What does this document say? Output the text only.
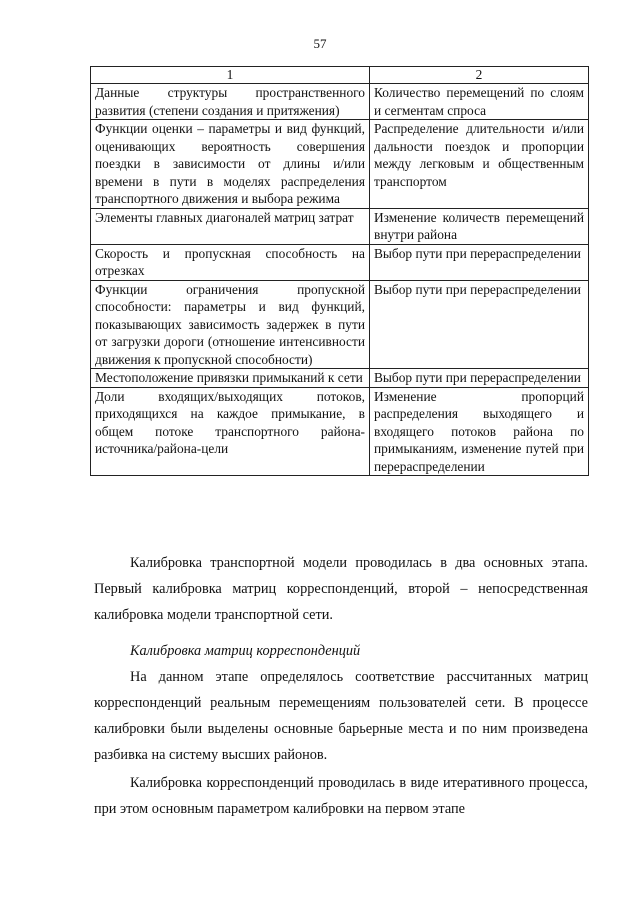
57
1	2
Данные структуры пространственного развития (степени создания и притяжения)	Количество перемещений по слоям и сегментам спроса
Функции оценки – параметры и вид функций, оценивающих вероятность совершения поездки в зависимости от длины и/или времени в пути в моделях распределения транспортного движения и выбора режима	Распределение длительности и/или дальности поездок и пропорции между легковым и общественным транспортом
Элементы главных диагоналей матриц затрат	Изменение количеств перемещений внутри района
Скорость и пропускная способность на отрезках	Выбор пути при перераспределении
Функции ограничения пропускной способности: параметры и вид функций, показывающих зависимость задержек в пути от загрузки дороги (отношение интенсивности движения к пропускной способности)	Выбор пути при перераспределении
Местоположение привязки примыканий к сети	Выбор пути при перераспределении
Доли входящих/выходящих потоков, приходящихся на каждое примыкание, в общем потоке транспортного района-источника/района-цели	Изменение пропорций распределения выходящего и входящего потоков района по примыканиям, изменение путей при перераспределении

Калибровка транспортной модели проводилась в два основных этапа. Первый калибровка матриц корреспонденций, второй – непосредственная калибровка модели транспортной сети.

Калибровка матриц корреспонденций

На данном этапе определялось соответствие рассчитанных матриц корреспонденций реальным перемещениям пользователей сети. В процессе калибровки были выделены основные барьерные места и по ним произведена разбивка на систему высших районов.

Калибровка корреспонденций проводилась в виде итеративного процесса, при этом основным параметром калибровки на первом этапе
